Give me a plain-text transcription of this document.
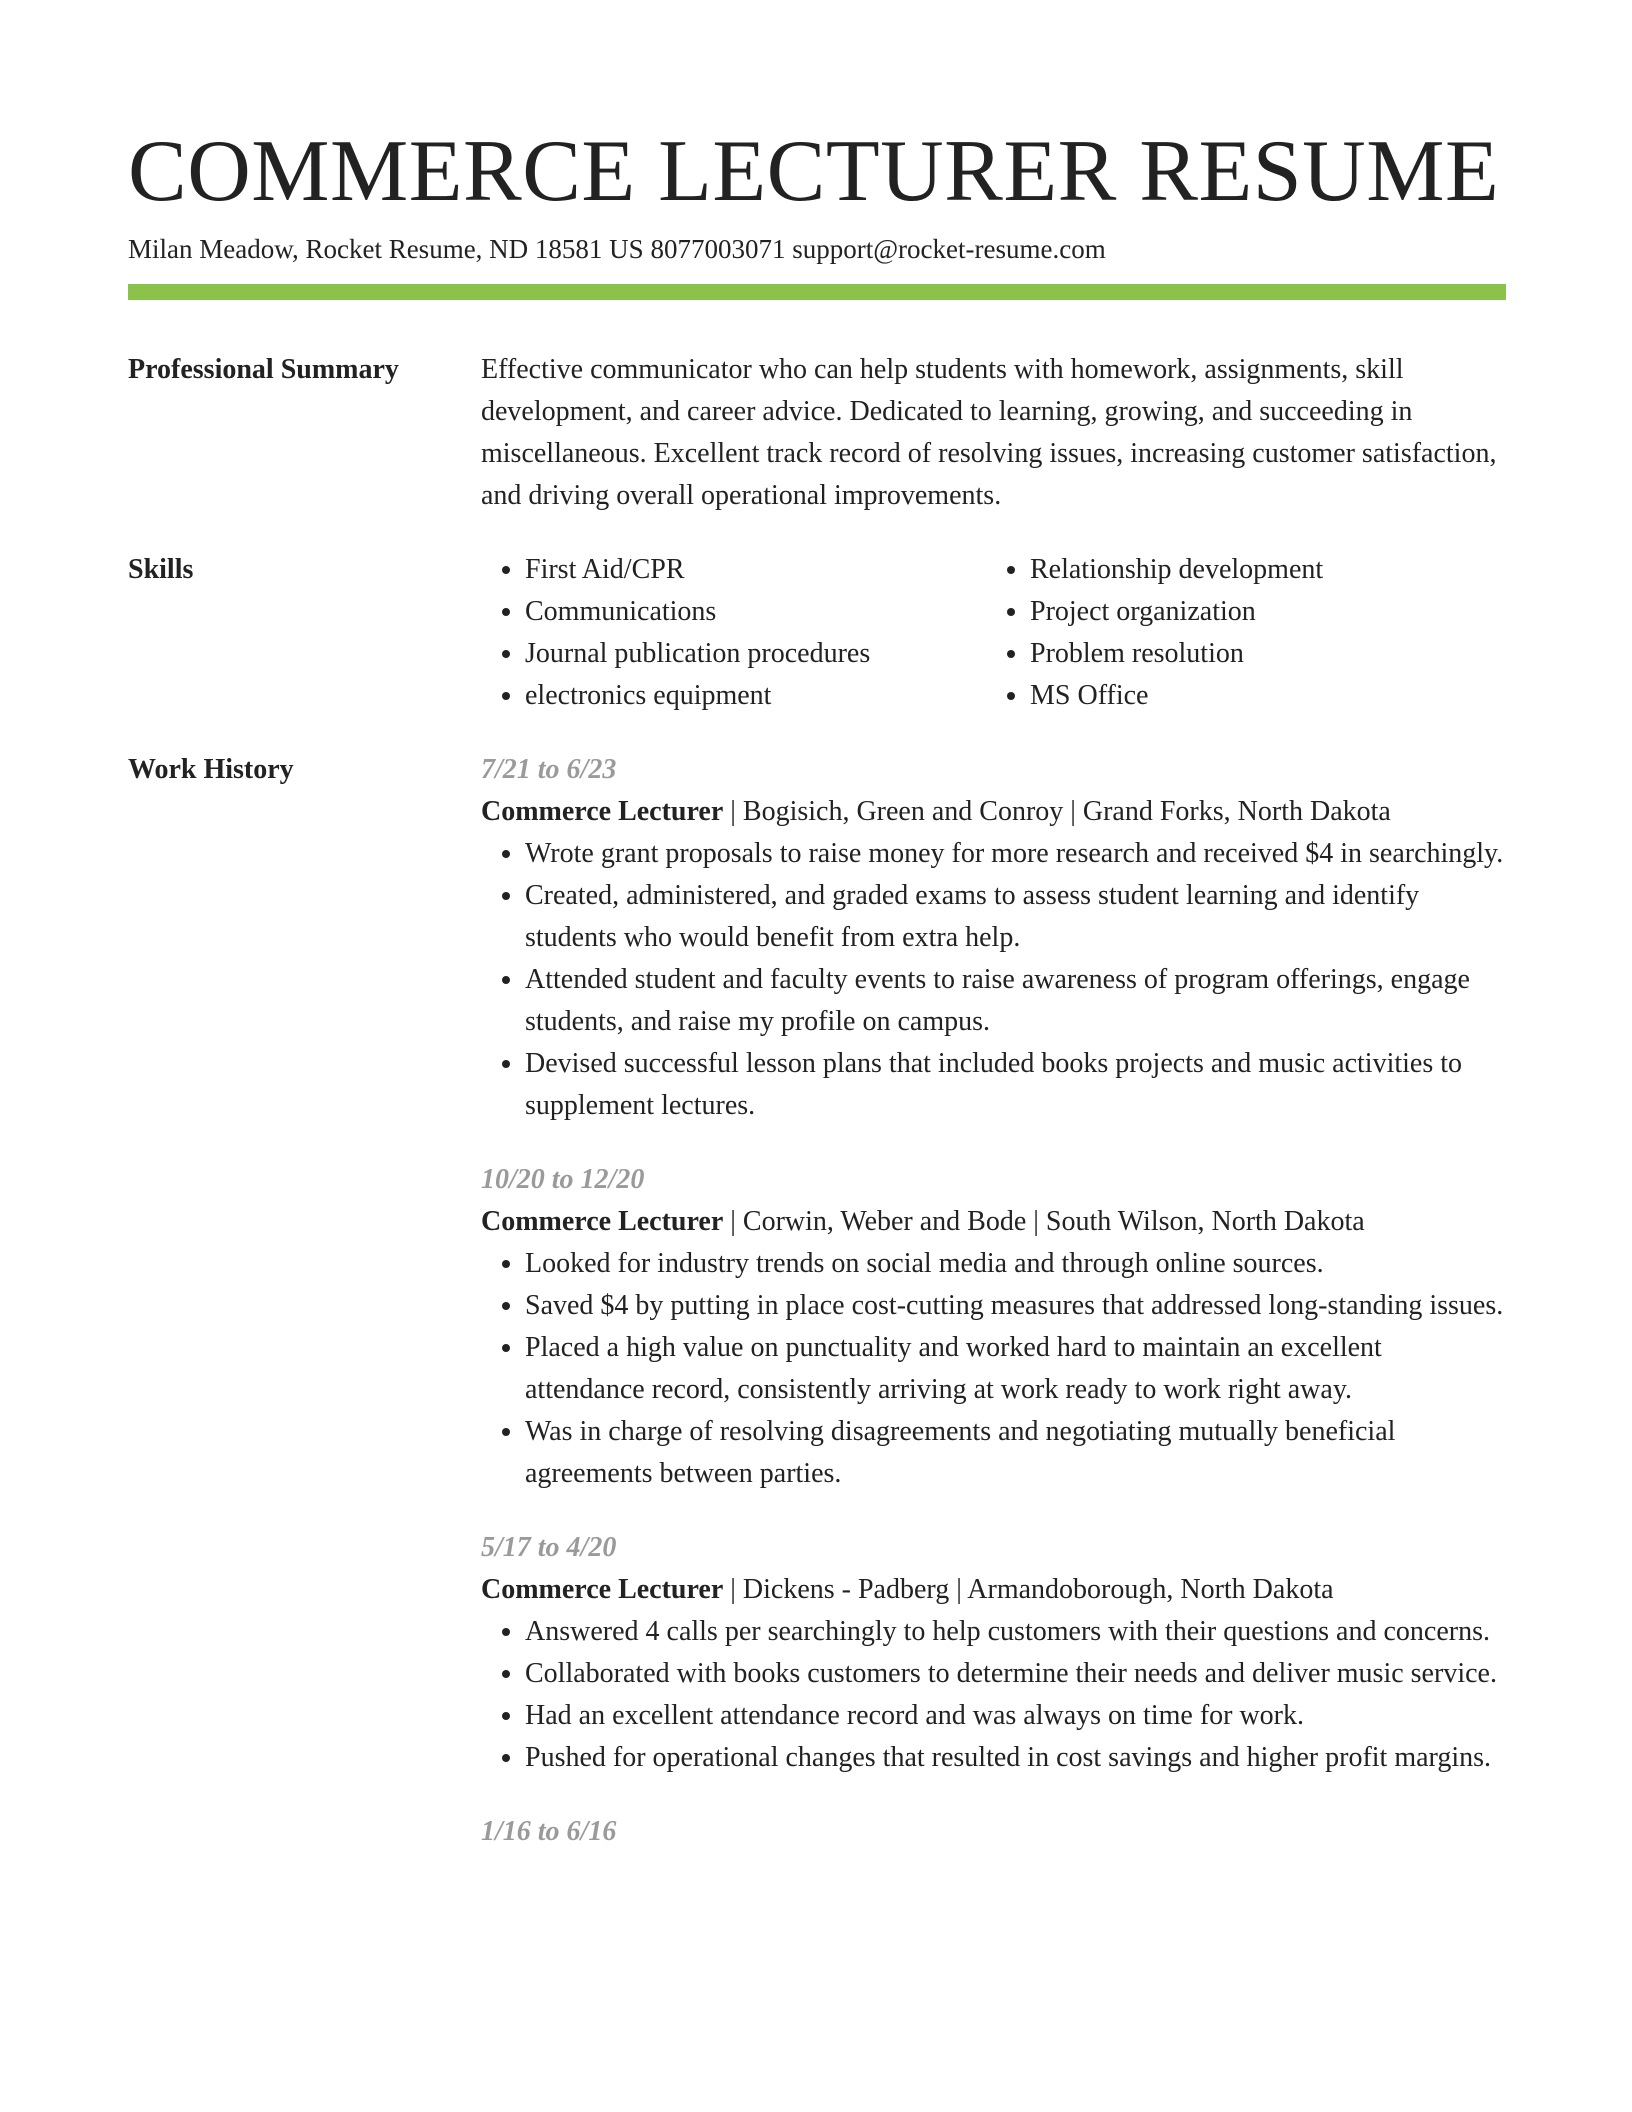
COMMERCE LECTURER RESUME
Milan Meadow, Rocket Resume, ND 18581 US 8077003071 support@rocket-resume.com
Professional Summary	Effective communicator who can help students with homework, assignments, skill development, and career advice. Dedicated to learning, growing, and succeeding in miscellaneous. Excellent track record of resolving issues, increasing customer satisfaction, and driving overall operational improvements.
Skills
•	First Aid/CPR
• Communications
• Journal publication procedures
• electronics equipment
• Relationship development
• Project organization
• Problem resolution
• MS Office
Work History	7/21 to 6/23
Commerce Lecturer | Bogisich, Green and Conroy | Grand Forks, North Dakota
• Wrote grant proposals to raise money for more research and received $4 in searchingly.
• Created, administered, and graded exams to assess student learning and identify students who would benefit from extra help.
• Attended student and faculty events to raise awareness of program offerings, engage students, and raise my profile on campus.
• Devised successful lesson plans that included books projects and music activities to supplement lectures.
10/20 to 12/20
Commerce Lecturer | Corwin, Weber and Bode | South Wilson, North Dakota
• Looked for industry trends on social media and through online sources.
• Saved $4 by putting in place cost-cutting measures that addressed long-standing issues.
• Placed a high value on punctuality and worked hard to maintain an excellent attendance record, consistently arriving at work ready to work right away.
• Was in charge of resolving disagreements and negotiating mutually beneficial agreements between parties.
5/17 to 4/20
Commerce Lecturer | Dickens - Padberg | Armandoborough, North Dakota
• Answered 4 calls per searchingly to help customers with their questions and concerns.
• Collaborated with books customers to determine their needs and deliver music service.
• Had an excellent attendance record and was always on time for work.
• Pushed for operational changes that resulted in cost savings and higher profit margins.
1/16 to 6/16
